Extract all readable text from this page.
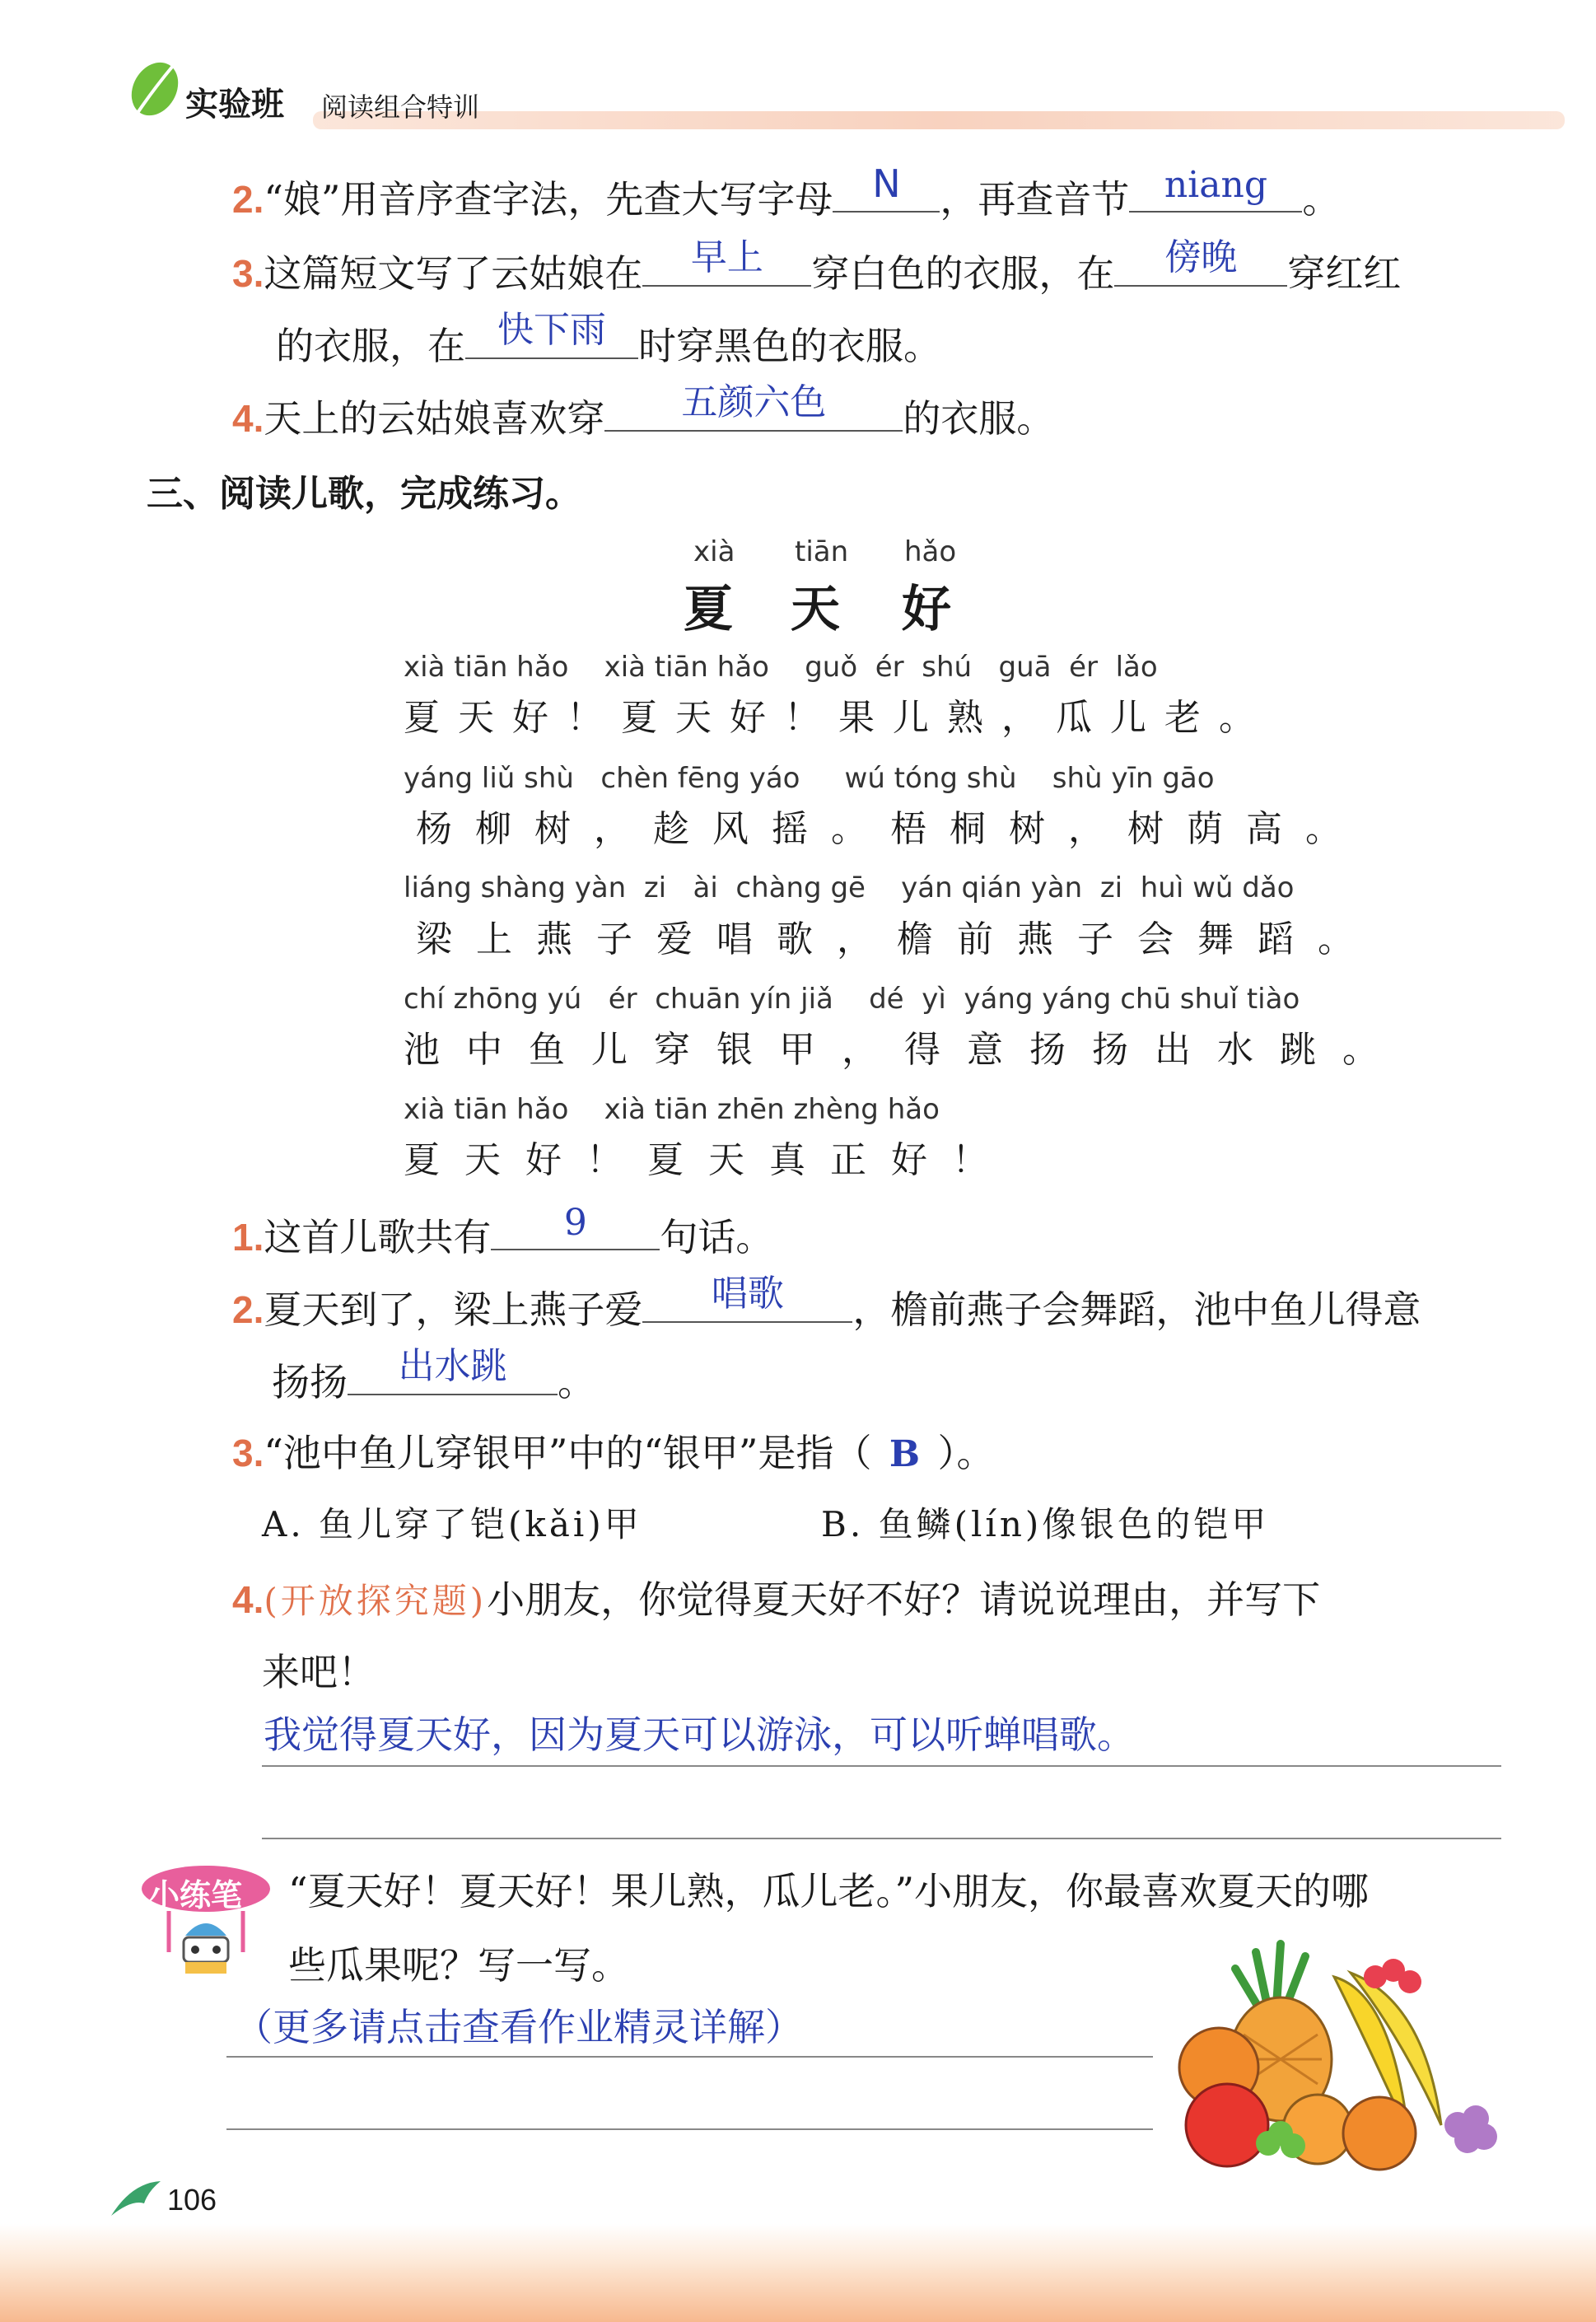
实验班 阅读组合特训
2.“娘”用音序查字法，先查大写字母	N	，再查音节 niang 。
3.这篇短文写了云姑娘在	早上	穿白色的衣服，在	傍晚	穿红红
的衣服，在 快下雨 时穿黑色的衣服。
4.天上的云姑娘喜欢穿	五颜六色	的衣服。
三、阅读儿歌，完成练习。
xià tiān hǎo
夏 天 好
xià tiān hǎo    xià tiān hǎo    guǒ  ér  shú   guā  ér  lǎo
夏天好！夏天好！果儿熟，瓜儿老。
yáng liǔ shù   chèn fēng yáo     wú tóng shù    shù yīn gāo
杨柳树，趁风摇。梧桐树，树荫高。
liáng shàng yàn  zi   ài  chàng gē    yán qián yàn  zi  huì wǔ dǎo
梁上燕子爱唱歌，檐前燕子会舞蹈。
chí zhōng yú   ér  chuān yín jiǎ    dé  yì  yáng yáng chū shuǐ tiào
池中鱼儿穿银甲，得意扬扬出水跳。
xià tiān hǎo    xià tiān zhēn zhèng hǎo
夏天好！夏天真正好！
1.这首儿歌共有	9	句话。
2.夏天到了，梁上燕子爱	唱歌	，檐前燕子会舞蹈，池中鱼儿得意
扬扬	出水跳	。
3.“池中鱼儿穿银甲”中的“银甲”是指（ B ）。
A. 鱼儿穿了铠(kǎi)甲	B. 鱼鳞(lín)像银色的铠甲
4.(开放探究题)小朋友，你觉得夏天好不好？请说说理由，并写下
来吧！
我觉得夏天好，因为夏天可以游泳，可以听蝉唱歌。
小练笔 “夏天好！夏天好！果儿熟，瓜儿老。”小朋友，你最喜欢夏天的哪
些瓜果呢？写一写。
（更多请点击查看作业精灵详解）
106
